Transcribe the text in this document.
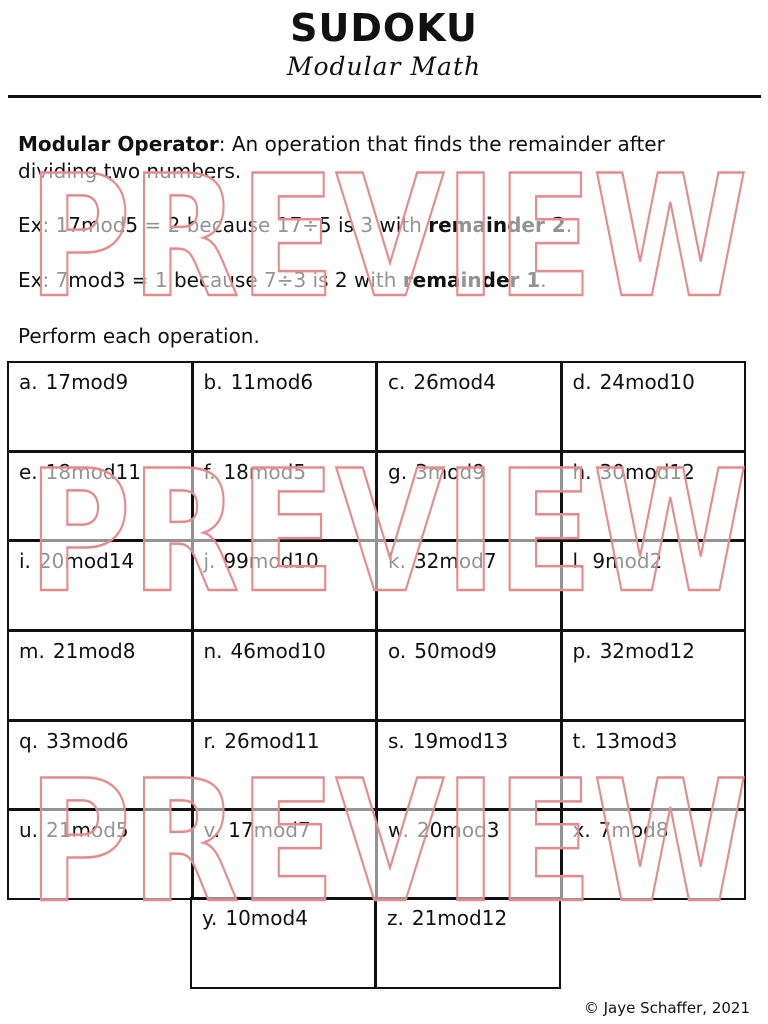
SUDOKU
Modular Math
Modular Operator: An operation that finds the remainder after dividing two numbers.
Ex: 17mod5 = 2 because 17÷5 is 3 with remainder 2.
Ex: 7mod3 = 1 because 7÷3 is 2 with remainder 1.
Perform each operation.
a. 17mod9	b. 11mod6	c. 26mod4	d. 24mod10
e. 18mod11	f. 18mod5	g. 3mod9	h. 30mod12
i. 20mod14	j. 99mod10	k. 32mod7	l. 9mod2
m. 21mod8	n. 46mod10	o. 50mod9	p. 32mod12
q. 33mod6	r. 26mod11	s. 19mod13	t. 13mod3
u. 21mod5	v. 17mod7	w. 20mod3	x. 7mod8
y. 10mod4	z. 21mod12
PREVIEW
PREVIEW
PREVIEW
© Jaye Schaffer, 2021
